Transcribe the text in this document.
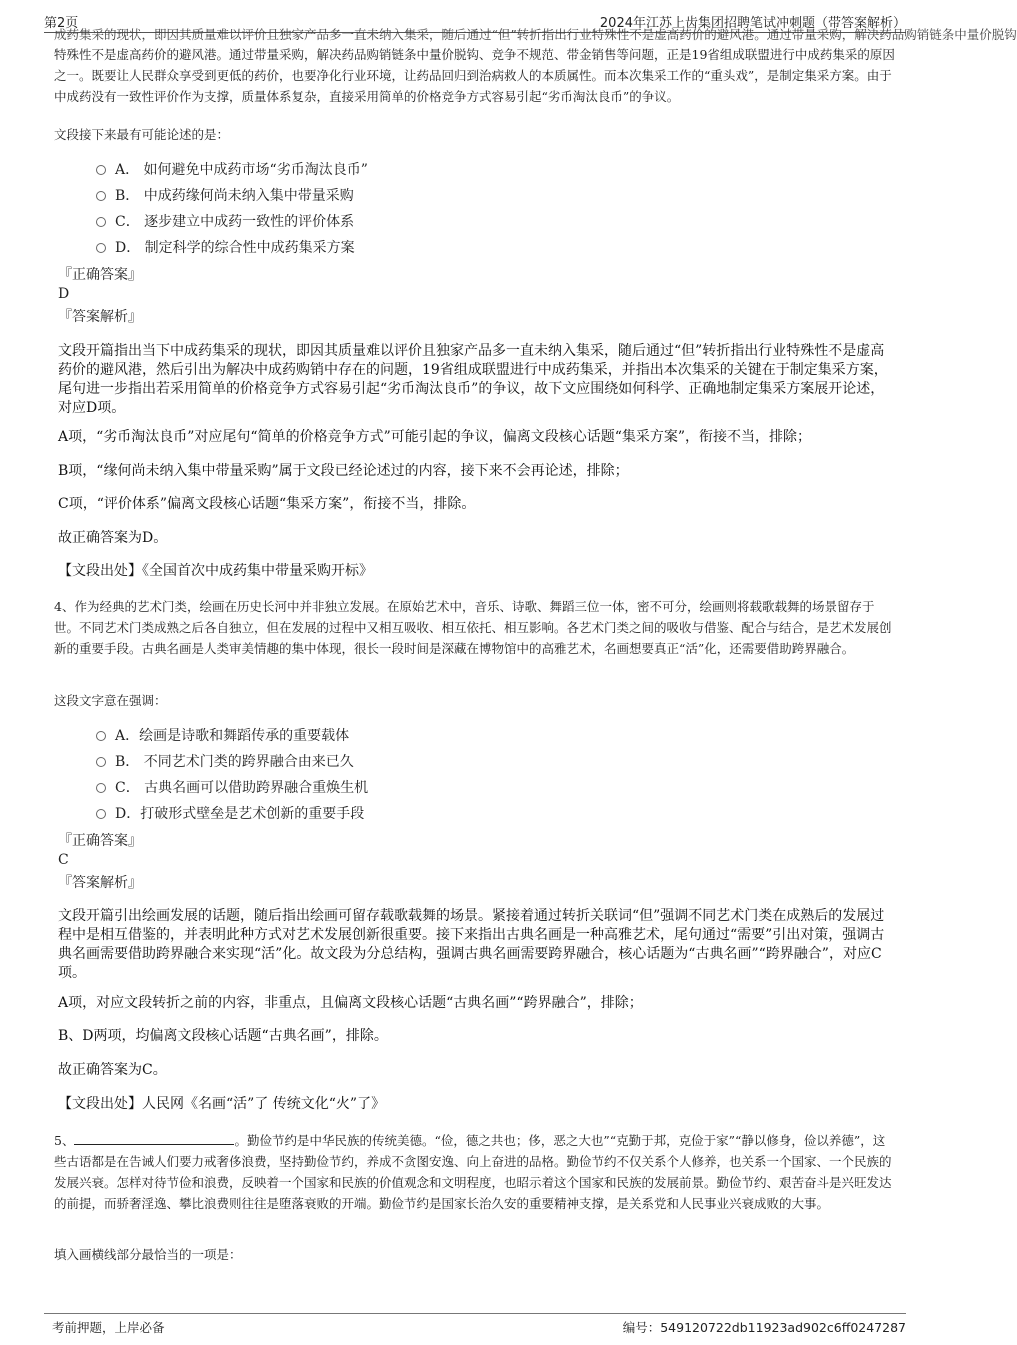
第2页	2024年江苏上齿集团招聘笔试冲刺题（带答案解析）
成药集采的现状，即因其质量难以评价且独家产品多一直未纳入集采，随后通过“但”转折指出行业特殊性不是虚高药价的避风港。通过带量采购，解决药品购销链条中量价脱钩

特殊性不是虚高药价的避风港。通过带量采购，解决药品购销链条中量价脱钩、竞争不规范、带金销售等问题，正是19省组成联盟进行中成药集采的原因之一。既要让人民群众享受到更低的药价，也要净化行业环境，让药品回归到治病救人的本质属性。而本次集采工作的“重头戏”，是制定集采方案。由于中成药没有一致性评价作为支撑，质量体系复杂，直接采用简单的价格竞争方式容易引起“劣币淘汰良币”的争议。

文段接下来最有可能论述的是：

A． 如何避免中成药市场“劣币淘汰良币”
B． 中成药缘何尚未纳入集中带量采购
C． 逐步建立中成药一致性的评价体系
D． 制定科学的综合性中成药集采方案
『正确答案』
D
『答案解析』

文段开篇指出当下中成药集采的现状，即因其质量难以评价且独家产品多一直未纳入集采，随后通过“但”转折指出行业特殊性不是虚高药价的避风港，然后引出为解决中成药购销中存在的问题，19省组成联盟进行中成药集采，并指出本次集采的关键在于制定集采方案，尾句进一步指出若采用简单的价格竞争方式容易引起“劣币淘汰良币”的争议，故下文应围绕如何科学、正确地制定集采方案展开论述，对应D项。

A项，“劣币淘汰良币”对应尾句“简单的价格竞争方式”可能引起的争议，偏离文段核心话题“集采方案”，衔接不当，排除；

B项，“缘何尚未纳入集中带量采购”属于文段已经论述过的内容，接下来不会再论述，排除；

C项，“评价体系”偏离文段核心话题“集采方案”，衔接不当，排除。

故正确答案为D。

【文段出处】《全国首次中成药集中带量采购开标》

4、作为经典的艺术门类，绘画在历史长河中并非独立发展。在原始艺术中，音乐、诗歌、舞蹈三位一体，密不可分，绘画则将载歌载舞的场景留存于世。不同艺术门类成熟之后各自独立，但在发展的过程中又相互吸收、相互依托、相互影响。各艺术门类之间的吸收与借鉴、配合与结合，是艺术发展创新的重要手段。古典名画是人类审美情趣的集中体现，很长一段时间是深藏在博物馆中的高雅艺术，名画想要真正“活”化，还需要借助跨界融合。

这段文字意在强调：

A．绘画是诗歌和舞蹈传承的重要载体
B． 不同艺术门类的跨界融合由来已久
C． 古典名画可以借助跨界融合重焕生机
D．打破形式壁垒是艺术创新的重要手段
『正确答案』
C
『答案解析』

文段开篇引出绘画发展的话题，随后指出绘画可留存载歌载舞的场景。紧接着通过转折关联词“但”强调不同艺术门类在成熟后的发展过程中是相互借鉴的，并表明此种方式对艺术发展创新很重要。接下来指出古典名画是一种高雅艺术，尾句通过“需要”引出对策，强调古典名画需要借助跨界融合来实现“活”化。故文段为分总结构，强调古典名画需要跨界融合，核心话题为“古典名画”“跨界融合”，对应C项。

A项，对应文段转折之前的内容，非重点，且偏离文段核心话题“古典名画”“跨界融合”，排除；

B、D两项，均偏离文段核心话题“古典名画”，排除。

故正确答案为C。

【文段出处】人民网《名画“活”了 传统文化“火”了》

5、	。勤俭节约是中华民族的传统美德。“俭，德之共也；侈，恶之大也”“克勤于邦，克俭于家”“静以修身，俭以养德”，这些古语都是在告诫人们要力戒奢侈浪费，坚持勤俭节约，养成不贪图安逸、向上奋进的品格。勤俭节约不仅关系个人修养，也关系一个国家、一个民族的发展兴衰。怎样对待节俭和浪费，反映着一个国家和民族的价值观念和文明程度，也昭示着这个国家和民族的发展前景。勤俭节约、艰苦奋斗是兴旺发达的前提，而骄奢淫逸、攀比浪费则往往是堕落衰败的开端。勤俭节约是国家长治久安的重要精神支撑，是关系党和人民事业兴衰成败的大事。

填入画横线部分最恰当的一项是：

考前押题，上岸必备	编号：549120722db11923ad902c6ff0247287
